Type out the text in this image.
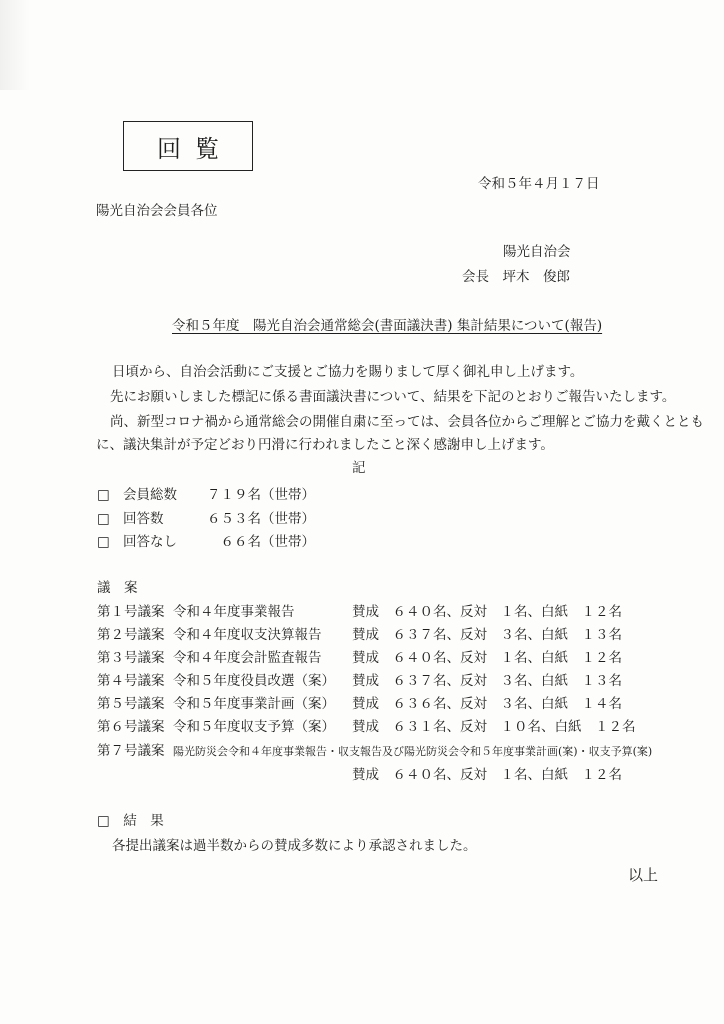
回覧
令和５年４月１７日
陽光自治会会員各位
陽光自治会
会長　坪木　俊郎
令和５年度　陽光自治会通常総会(書面議決書) 集計結果について(報告)
日頃から、自治会活動にご支援とご協力を賜りまして厚く御礼申し上げます。
先にお願いしました標記に係る書面議決書について、結果を下記のとおりご報告いたします。
尚、新型コロナ禍から通常総会の開催自粛に至っては、会員各位からご理解とご協力を戴くととも
に、議決集計が予定どおり円滑に行われましたこと深く感謝申し上げます。
記
□ 会員総数 ７１９名（世帯）
□ 回答数	６５３名（世帯）
□ 回答なし　６６名（世帯）
議　案
第１号議案 令和４年度事業報告	賛成　６４０名、反対　１名、白紙　１２名
第２号議案 令和４年度収支決算報告	賛成　６３７名、反対　３名、白紙　１３名
第３号議案 令和４年度会計監査報告	賛成　６４０名、反対　１名、白紙　１２名
第４号議案 令和５年度役員改選（案）	賛成　６３７名、反対　３名、白紙　１３名
第５号議案 令和５年度事業計画（案）	賛成　６３６名、反対　３名、白紙　１４名
第６号議案 令和５年度収支予算（案）	賛成　６３１名、反対　１０名、白紙　１２名
第７号議案 陽光防災会令和４年度事業報告・収支報告及び陽光防災会令和５年度事業計画(案)・収支予算(案)
賛成　６４０名、反対　１名、白紙　１２名
□　結　果
各提出議案は過半数からの賛成多数により承認されました。
以上
